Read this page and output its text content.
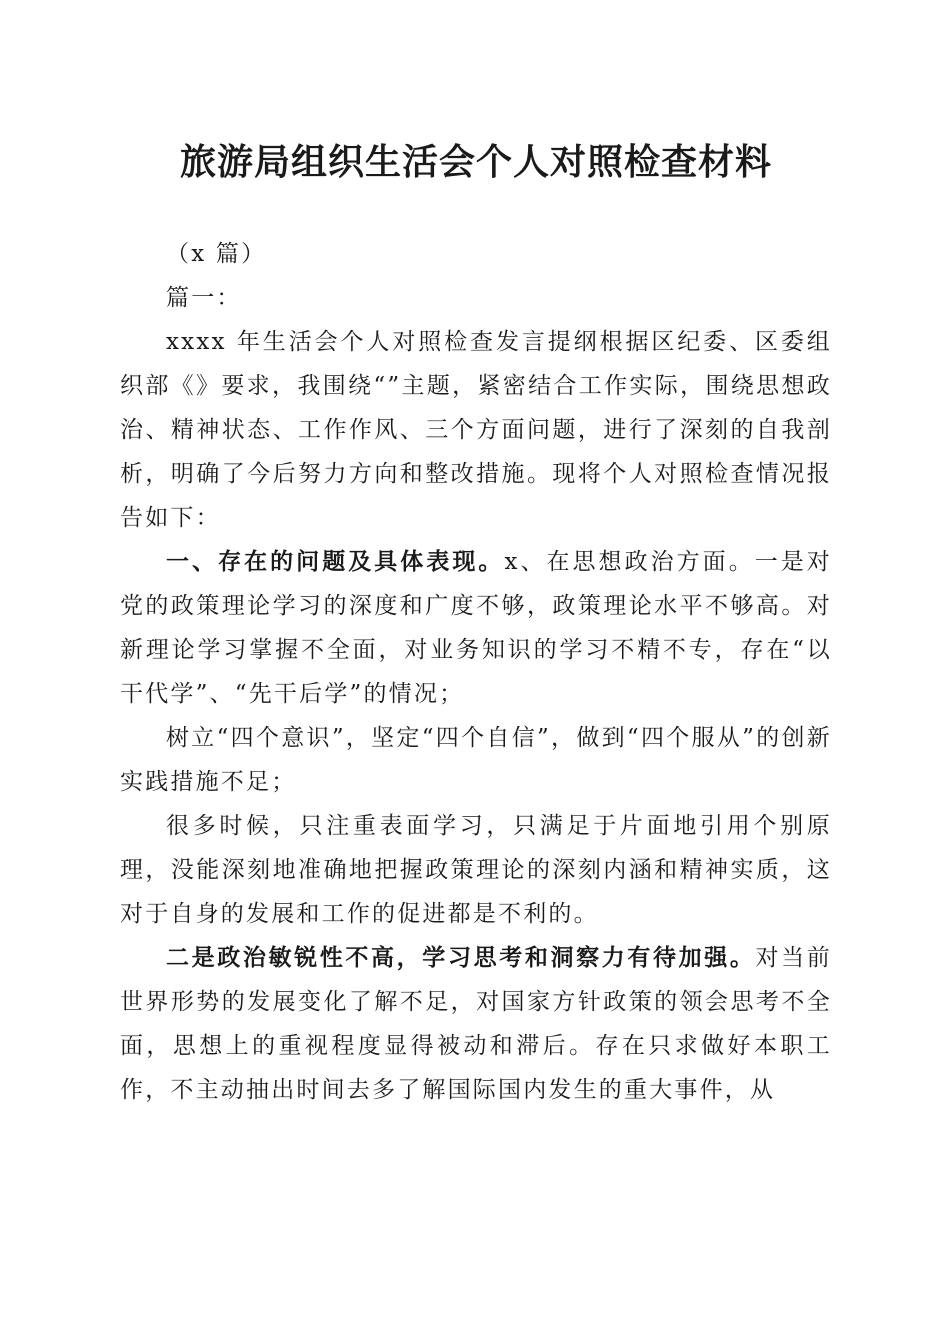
旅游局组织生活会个人对照检查材料

（x 篇）

篇一：

xxxx 年生活会个人对照检查发言提纲根据区纪委、区委组织部《》要求，我围绕“”主题，紧密结合工作实际，围绕思想政治、精神状态、工作作风、三个方面问题，进行了深刻的自我剖析，明确了今后努力方向和整改措施。现将个人对照检查情况报告如下：

一、存在的问题及具体表现。x、在思想政治方面。一是对党的政策理论学习的深度和广度不够，政策理论水平不够高。对新理论学习掌握不全面，对业务知识的学习不精不专，存在“以干代学”、“先干后学”的情况；

树立“四个意识”，坚定“四个自信”，做到“四个服从”的创新实践措施不足；

很多时候，只注重表面学习，只满足于片面地引用个别原理，没能深刻地准确地把握政策理论的深刻内涵和精神实质，这对于自身的发展和工作的促进都是不利的。

二是政治敏锐性不高，学习思考和洞察力有待加强。对当前世界形势的发展变化了解不足，对国家方针政策的领会思考不全面，思想上的重视程度显得被动和滞后。存在只求做好本职工作，不主动抽出时间去多了解国际国内发生的重大事件，从
